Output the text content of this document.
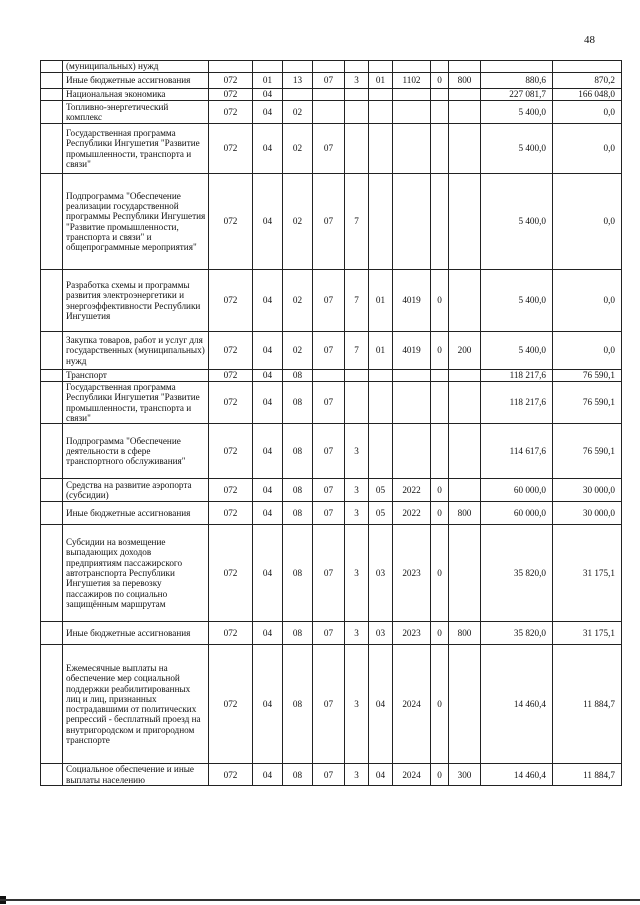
48
	(муниципальных) нужд											
	Иные бюджетные ассигнования	072	01	13	07	3	01	1102	0	800	880,6	870,2
	Национальная экономика	072	04								227 081,7	166 048,0
	Топливно-энергетический комплекс	072	04	02							5 400,0	0,0
	Государственная программа Республики Ингушетия "Развитие промышленности, транспорта и связи"	072	04	02	07						5 400,0	0,0
	Подпрограмма "Обеспечение реализации государственной программы Республики Ингушетия "Развитие промышленности, транспорта и связи" и общепрограммные мероприятия"	072	04	02	07	7					5 400,0	0,0
	Разработка схемы и программы развития электроэнергетики и энергоэффективности Республики Ингушетия	072	04	02	07	7	01	4019	0		5 400,0	0,0
	Закупка товаров, работ и услуг для государственных (муниципальных) нужд	072	04	02	07	7	01	4019	0	200	5 400,0	0,0
	Транспорт	072	04	08							118 217,6	76 590,1
	Государственная программа Республики Ингушетия "Развитие промышленности, транспорта и связи"	072	04	08	07						118 217,6	76 590,1
	Подпрограмма "Обеспечение деятельности в сфере транспортного обслуживания"	072	04	08	07	3					114 617,6	76 590,1
	Средства на развитие аэропорта (субсидии)	072	04	08	07	3	05	2022	0		60 000,0	30 000,0
	Иные бюджетные ассигнования	072	04	08	07	3	05	2022	0	800	60 000,0	30 000,0
	Субсидии на возмещение выпадающих доходов предприятиям пассажирского автотранспорта Республики Ингушетия за перевозку пассажиров по социально защищённым маршрутам	072	04	08	07	3	03	2023	0		35 820,0	31 175,1
	Иные бюджетные ассигнования	072	04	08	07	3	03	2023	0	800	35 820,0	31 175,1
	Ежемесячные выплаты на обеспечение мер социальной поддержки реабилитированных лиц и лиц, признанных пострадавшими от политических репрессий - бесплатный проезд на внутригородском и пригородном транспорте	072	04	08	07	3	04	2024	0		14 460,4	11 884,7
	Социальное обеспечение и иные выплаты населению	072	04	08	07	3	04	2024	0	300	14 460,4	11 884,7
